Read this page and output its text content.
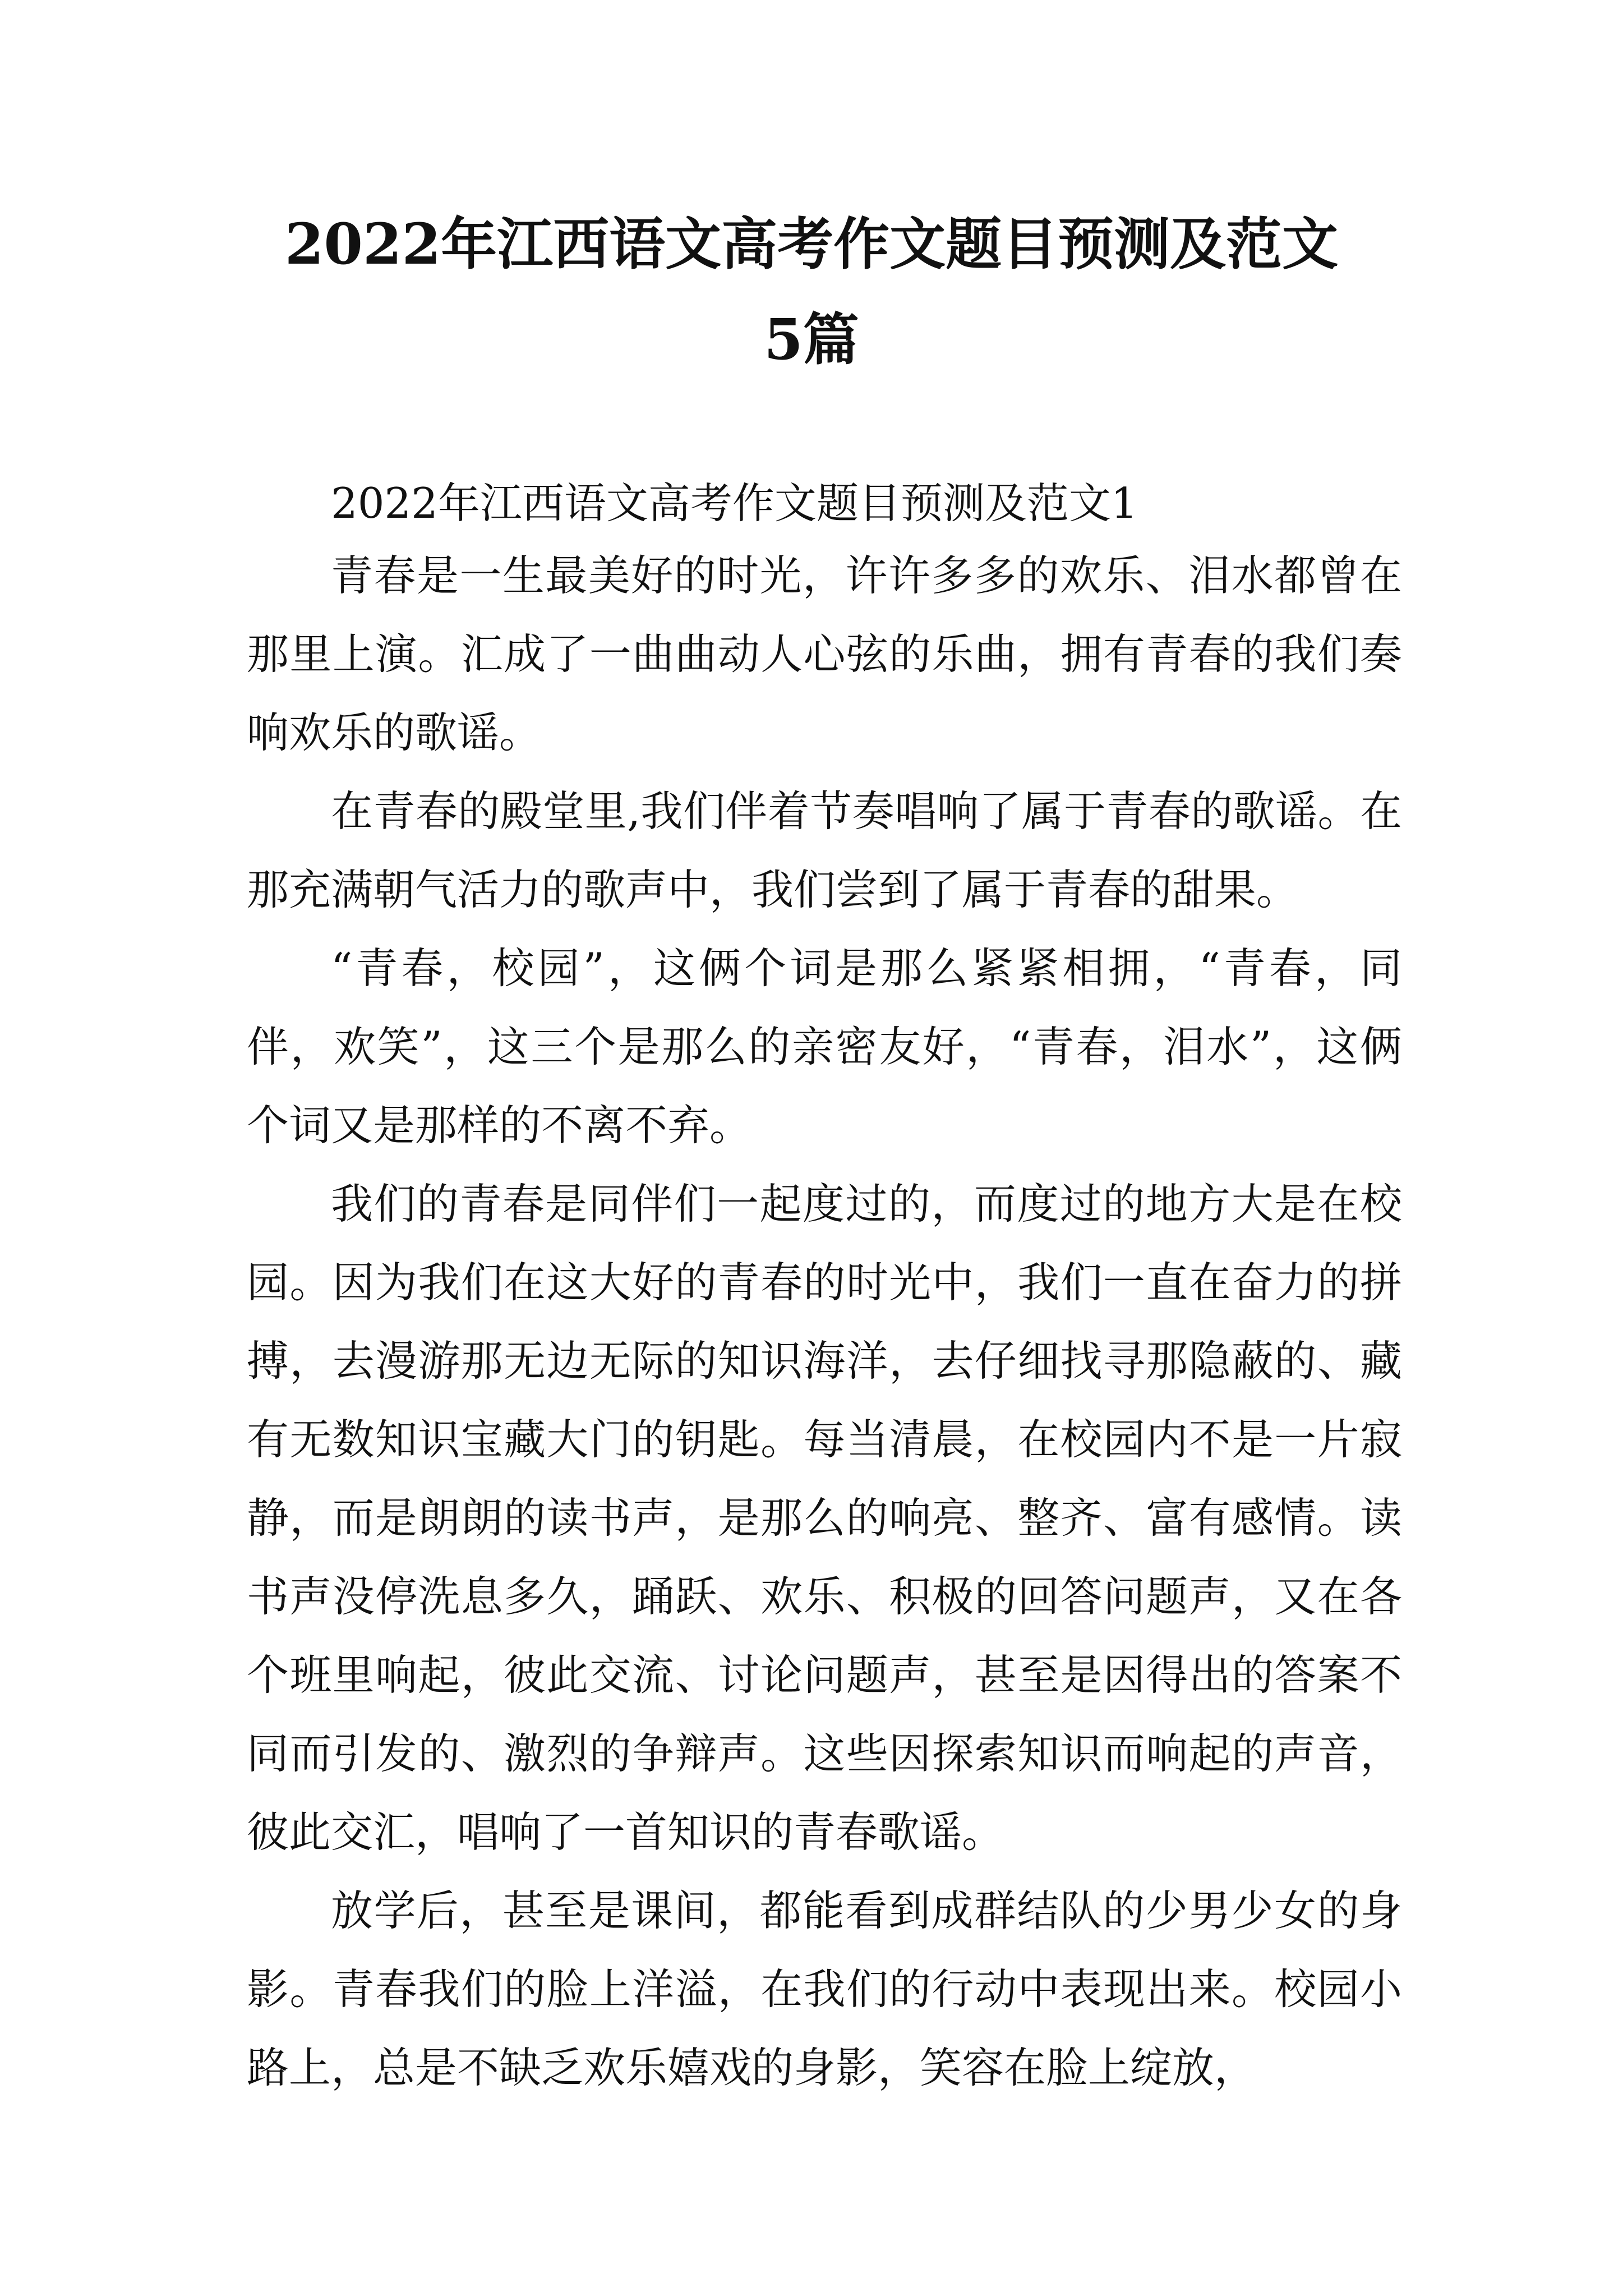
2022年江西语文高考作文题目预测及范文
5篇

2022年江西语文高考作文题目预测及范文1

青春是一生最美好的时光，许许多多的欢乐、泪水都曾在那里上演。汇成了一曲曲动人心弦的乐曲，拥有青春的我们奏响欢乐的歌谣。

在青春的殿堂里,我们伴着节奏唱响了属于青春的歌谣。在那充满朝气活力的歌声中，我们尝到了属于青春的甜果。

“青春，校园”，这俩个词是那么紧紧相拥，“青春，同伴，欢笑”，这三个是那么的亲密友好，“青春，泪水”，这俩个词又是那样的不离不弃。

我们的青春是同伴们一起度过的，而度过的地方大是在校园。因为我们在这大好的青春的时光中，我们一直在奋力的拼搏，去漫游那无边无际的知识海洋，去仔细找寻那隐蔽的、藏有无数知识宝藏大门的钥匙。每当清晨，在校园内不是一片寂静，而是朗朗的读书声，是那么的响亮、整齐、富有感情。读书声没停洗息多久，踊跃、欢乐、积极的回答问题声，又在各个班里响起，彼此交流、讨论问题声，甚至是因得出的答案不同而引发的、激烈的争辩声。这些因探索知识而响起的声音，彼此交汇，唱响了一首知识的青春歌谣。

放学后，甚至是课间，都能看到成群结队的少男少女的身影。青春我们的脸上洋溢，在我们的行动中表现出来。校园小路上，总是不缺乏欢乐嬉戏的身影，笑容在脸上绽放，
